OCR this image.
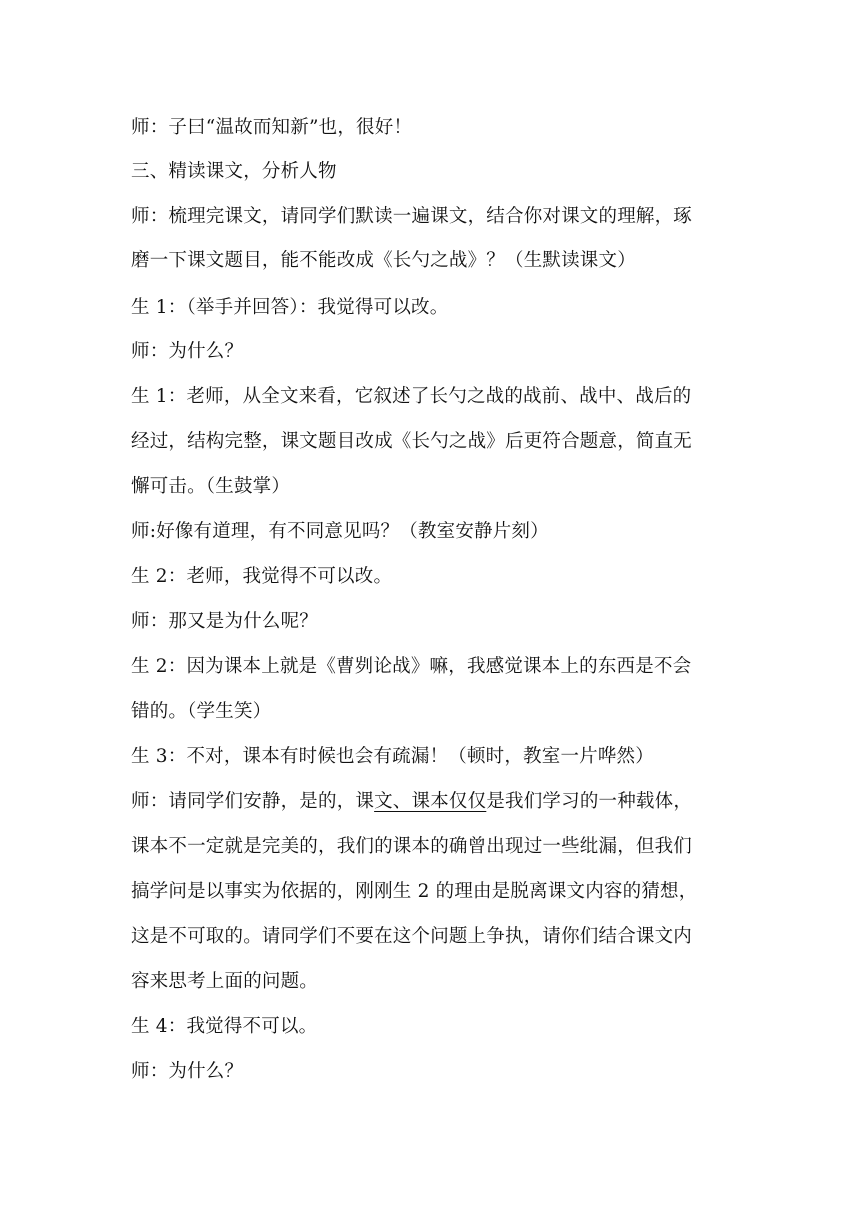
师：子曰“温故而知新”也，很好！
三、精读课文，分析人物
师：梳理完课文，请同学们默读一遍课文，结合你对课文的理解，琢
磨一下课文题目，能不能改成《长勺之战》？（生默读课文）
生 1：（举手并回答）：我觉得可以改。
师：为什么？
生 1：老师，从全文来看，它叙述了长勺之战的战前、战中、战后的
经过，结构完整，课文题目改成《长勺之战》后更符合题意，简直无
懈可击。（生鼓掌）
师:好像有道理，有不同意见吗？（教室安静片刻）
生 2：老师，我觉得不可以改。
师：那又是为什么呢？
生 2：因为课本上就是《曹刿论战》嘛，我感觉课本上的东西是不会
错的。（学生笑）
生 3：不对，课本有时候也会有疏漏！（顿时，教室一片哗然）
师：请同学们安静，是的，课文、课本仅仅是我们学习的一种载体，
课本不一定就是完美的，我们的课本的确曾出现过一些纰漏，但我们
搞学问是以事实为依据的，刚刚生 2 的理由是脱离课文内容的猜想，
这是不可取的。请同学们不要在这个问题上争执，请你们结合课文内
容来思考上面的问题。
生 4：我觉得不可以。
师：为什么？
